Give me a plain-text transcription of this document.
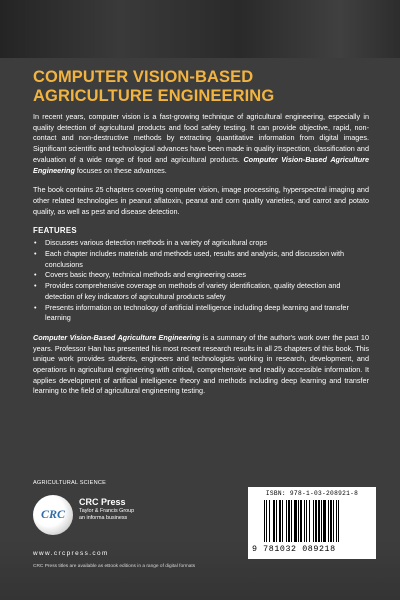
COMPUTER VISION-BASED
AGRICULTURE ENGINEERING

In recent years, computer vision is a fast-growing technique of agricultural engineering, especially in quality detection of agricultural products and food safety testing. It can provide objective, rapid, non-contact and non-destructive methods by extracting quantitative information from digital images. Significant scientific and technological advances have been made in quality inspection, classification and evaluation of a wide range of food and agricultural products. Computer Vision-Based Agriculture Engineering focuses on these advances.

The book contains 25 chapters covering computer vision, image processing, hyperspectral imaging and other related technologies in peanut aflatoxin, peanut and corn quality varieties, and carrot and potato quality, as well as pest and disease detection.

FEATURES
• Discusses various detection methods in a variety of agricultural crops
• Each chapter includes materials and methods used, results and analysis, and discussion with conclusions
• Covers basic theory, technical methods and engineering cases
• Provides comprehensive coverage on methods of variety identification, quality detection and detection of key indicators of agricultural products safety
• Presents information on technology of artificial intelligence including deep learning and transfer learning

Computer Vision-Based Agriculture Engineering is a summary of the author's work over the past 10 years. Professor Han has presented his most recent research results in all 25 chapters of this book. This unique work provides students, engineers and technologists working in research, development, and operations in agricultural engineering with critical, comprehensive and readily accessible information. It applies development of artificial intelligence theory and methods including deep learning and transfer learning to the field of agricultural engineering testing.

AGRICULTURAL SCIENCE
CRC
CRC Press
Taylor & Francis Group
an informa business
www.crcpress.com
CRC Press titles are available as eBook editions in a range of digital formats
ISBN: 978-1-03-208921-8
9 781032 089218
